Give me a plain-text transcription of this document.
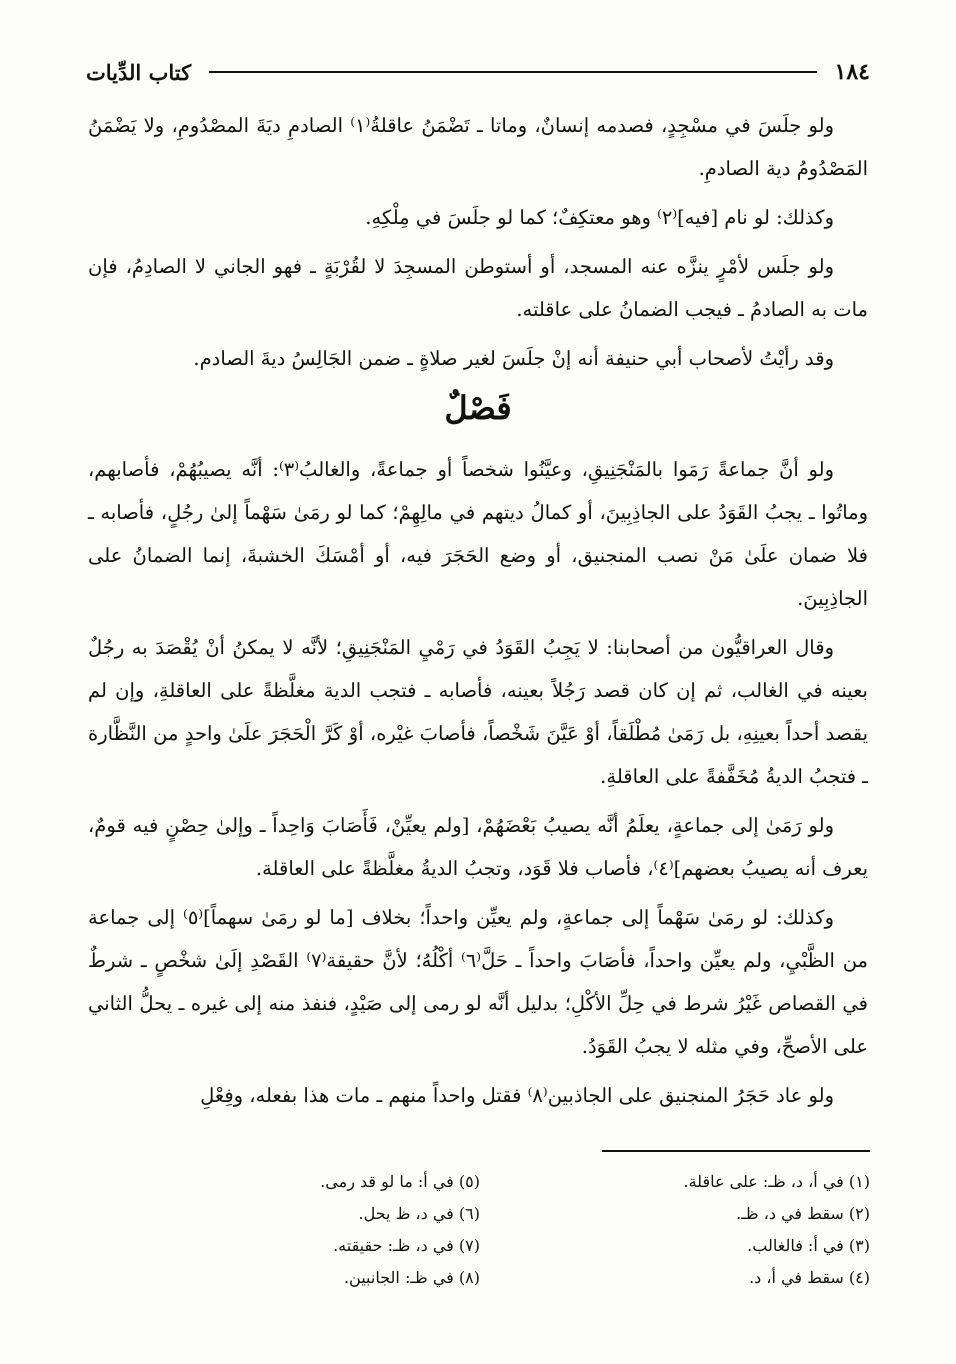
١٨٤
كتاب الدِّيات

ولو جلَسَ في مسْجِدٍ، فصدمه إنسانٌ، وماتا ـ تَضْمَنُ عاقلةُ⁽١⁾ الصادمِ ديَةَ المصْدُومِ، ولا يَضْمَنُ المَصْدُومُ دية الصادمِ.

وكذلك: لو نام [فيه]⁽٢⁾ وهو معتكِفٌ؛ كما لو جلَسَ في مِلْكِهِ.

ولو جلَس لأمْرٍ ينزَّه عنه المسجد، أو أستوطن المسجِدَ لا لقُرْبَةٍ ـ فهو الجاني لا الصادِمُ، فإن مات به الصادمُ ـ فيجب الضمانُ على عاقلته.

وقد رأيْتُ لأصحاب أبي حنيفة أنه إنْ جلَسَ لغير صلاةٍ ـ ضمن الجَالِسُ ديةَ الصادم.

فَصْلٌ

ولو أنَّ جماعةً رَمَوا بالمَنْجَنِيقِ، وعيَّنُوا شخصاً أو جماعةً، والغالبُ⁽٣⁾: أنَّه يصيبُهُمْ، فأصابهم، وماتُوا ـ يجبُ القَوَدُ على الجاذِبِينَ، أو كمالُ ديتهم في مالِهِمْ؛ كما لو رمَىٰ سَهْماً إلىٰ رجُلٍ، فأصابه ـ فلا ضمان علَىٰ مَنْ نصب المنجنيق، أو وضع الحَجَرَ فيه، أو أمْسَكَ الخشبةَ، إنما الضمانُ على الجاذِبِينَ.

وقال العراقيُّون من أصحابنا: لا يَجِبُ القَوَدُ في رَمْيِ المَنْجَنِيقِ؛ لأنَّه لا يمكنُ أنْ يُقْصَدَ به رجُلٌ بعينه في الغالب، ثم إن كان قصد رَجُلاً بعينه، فأصابه ـ فتجب الدية مغلَّظةً على العاقلةِ، وإن لم يقصد أحداً بعينِهِ، بل رَمَىٰ مُطْلَقاً، أوْ عَيَّنَ شَخْصاً، فأصابَ غيْره، أوْ كَرَّ الْحَجَرَ علَىٰ واحدٍ من النَّظَّارة ـ فتجبُ الديةُ مُخَفَّفةً على العاقلةِ.

ولو رَمَىٰ إلى جماعةٍ، يعلَمُ أنَّه يصيبُ بَعْضَهُمْ، [ولم يعيِّنْ، فَأَصَابَ وَاحِداً ـ وإلىٰ حِصْنٍ فيه قومٌ، يعرف أنه يصيبُ بعضهم]⁽٤⁾، فأصاب فلا قَوَد، وتجبُ الديةُ مغلَّظةً على العاقلة.

وكذلك: لو رمَىٰ سَهْماً إلى جماعةٍ، ولم يعيِّن واحداً؛ بخلاف [ما لو رمَىٰ سهماً]⁽٥⁾ إلى جماعة من الظَّبْيِ، ولم يعيِّن واحداً، فأصَابَ واحداً ـ حَلَّ⁽٦⁾ أكْلُهُ؛ لأنَّ حقيقة⁽٧⁾ القَصْدِ إلَىٰ شخْصٍ ـ شرطٌ في القصاص غَيْرُ شرط في حِلِّ الأكْلِ؛ بدليل أنَّه لو رمى إلى صَيْدٍ، فنفذ منه إلى غيره ـ يحلُّ الثاني على الأصحِّ، وفي مثله لا يجبُ القَوَدُ.

ولو عاد حَجَرُ المنجنيق على الجاذبين⁽٨⁾ فقتل واحداً منهم ـ مات هذا بفعله، وفِعْلِ

(١) في أ، د، ظـ: على عاقلة.
(٢) سقط في د، ظـ.
(٣) في أ: فالغالب.
(٤) سقط في أ، د.
(٥) في أ: ما لو قد رمى.
(٦) في د، ظ يحل.
(٧) في د، ظـ: حقيقته.
(٨) في ظـ: الجانبين.
